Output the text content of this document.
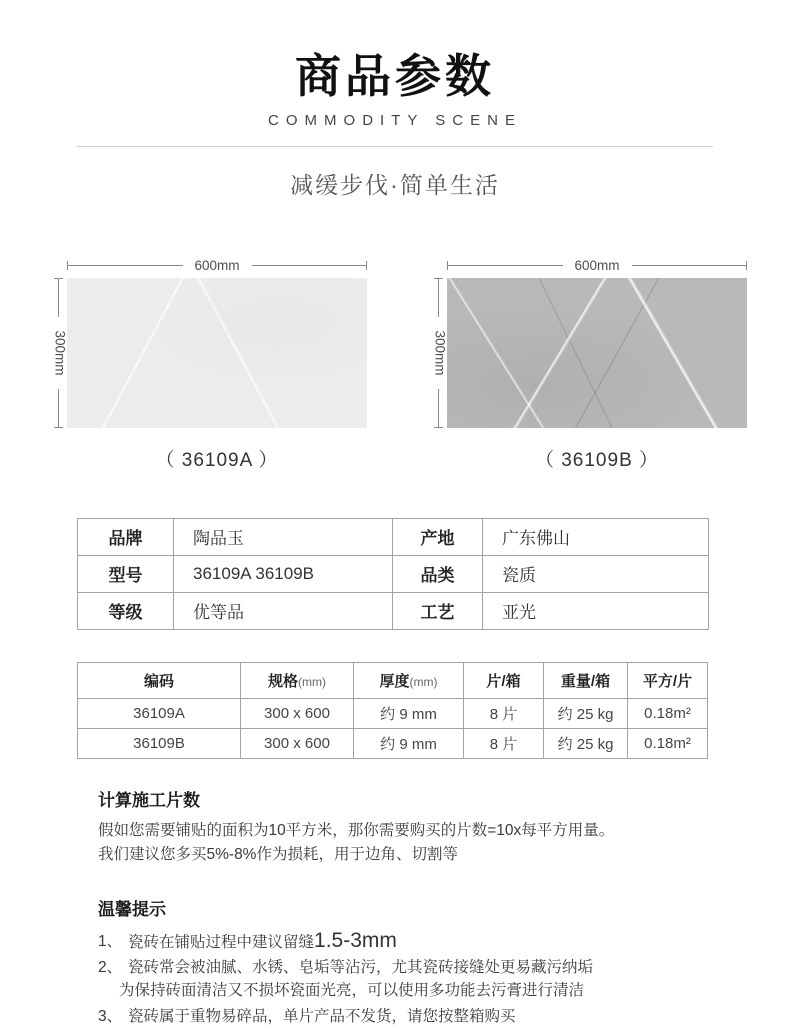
商品参数
COMMODITY SCENE
减缓步伐·简单生活
600mm
300mm
（ 36109A ）
600mm
300mm
（ 36109B ）
品牌	陶品玉	产地	广东佛山
型号	36109A 36109B	品类	瓷质
等级	优等品	工艺	亚光
编码	规格(mm)	厚度(mm)	片/箱	重量/箱	平方/片
36109A	300 x 600	约 9 mm	8 片	约 25 kg	0.18m²
36109B	300 x 600	约 9 mm	8 片	约 25 kg	0.18m²
计算施工片数
假如您需要铺贴的面积为10平方米，那你需要购买的片数=10x每平方用量。
我们建议您多买5%-8%作为损耗，用于边角、切割等
温馨提示
1、 瓷砖在铺贴过程中建议留缝1.5-3mm
2、 瓷砖常会被油腻、水锈、皂垢等沾污，尤其瓷砖接缝处更易藏污纳垢
为保持砖面清洁又不损坏瓷面光亮，可以使用多功能去污膏进行清洁
3、 瓷砖属于重物易碎品，单片产品不发货，请您按整箱购买
